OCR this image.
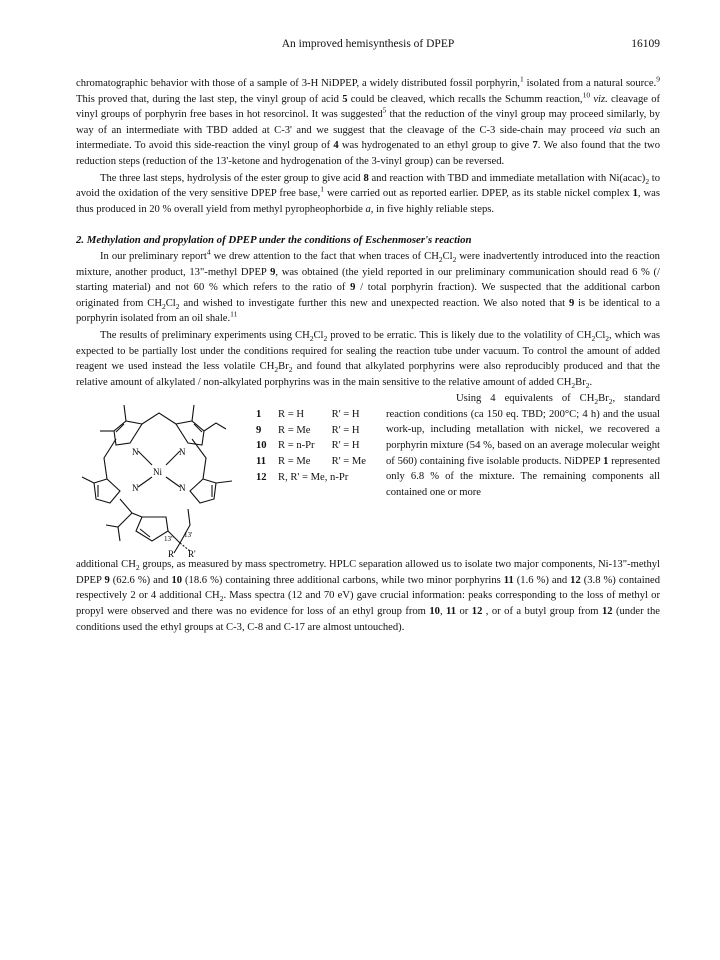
An improved hemisynthesis of DPEP	16109

chromatographic behavior with those of a sample of 3-H NiDPEP, a widely distributed fossil porphyrin,$^1$ isolated from a natural source.$^9$ This proved that, during the last step, the vinyl group of acid 5 could be cleaved, which recalls the Schumm reaction,$^{10}$ viz. cleavage of vinyl groups of porphyrin free bases in hot resorcinol. It was suggested$^5$ that the reduction of the vinyl group may proceed similarly, by way of an intermediate with TBD added at C-3' and we suggest that the cleavage of the C-3 side-chain may proceed via such an intermediate. To avoid this side-reaction the vinyl group of 4 was hydrogenated to an ethyl group to give 7. We also found that the two reduction steps (reduction of the 13'-ketone and hydrogenation of the 3-vinyl group) can be reversed.

The three last steps, hydrolysis of the ester group to give acid 8 and reaction with TBD and immediate metallation with $Ni(acac)_2$ to avoid the oxidation of the very sensitive DPEP free base,$^1$ were carried out as reported earlier. DPEP, as its stable nickel complex 1, was thus produced in 20 % overall yield from methyl pyropheophorbide a, in five highly reliable steps.

2. Methylation and propylation of DPEP under the conditions of Eschenmoser's reaction

In our preliminary report$^4$ we drew attention to the fact that when traces of $CH_2Cl_2$ were inadvertently introduced into the reaction mixture, another product, 13"-methyl DPEP 9, was obtained (the yield reported in our preliminary communication should read 6 % (/ starting material) and not 60 % which refers to the ratio of 9 / total porphyrin fraction). We suspected that the additional carbon originated from $CH_2Cl_2$ and wished to investigate further this new and unexpected reaction. We also noted that 9 is be identical to a porphyrin isolated from an oil shale.$^{11}$

The results of preliminary experiments using $CH_2Cl_2$ proved to be erratic. This is likely due to the volatility of $CH_2Cl_2$, which was expected to be partially lost under the conditions required for sealing the reaction tube under vacuum. To control the amount of added reagent we used instead the less volatile $CH_2Br_2$ and found that alkylated porphyrins were also reproducibly produced and that the relative amount of alkylated / non-alkylated porphyrins was in the main sensitive to the relative amount of added $CH_2Br_2$.

N	N
N	N
Ni
13" 13'
R R'
1	R = H	R' = H
9	R = Me	R' = H
10	R = n-Pr	R' = H
11	R = Me	R' = Me
12	R, R' = Me, n-Pr	

Using 4 equivalents of $CH_2Br_2$, standard reaction conditions (ca 150 eq. TBD; 200°C; 4 h) and the usual work-up, including metallation with nickel, we recovered a porphyrin mixture (54 %, based on an average molecular weight of 560) containing five isolable products. NiDPEP 1 represented only 6.8 % of the mixture. The remaining components all contained one or more

additional $CH_2$ groups, as measured by mass spectrometry. HPLC separation allowed us to isolate two major components, Ni-13"-methyl DPEP 9 (62.6 %) and 10 (18.6 %) containing three additional carbons, while two minor porphyrins 11 (1.6 %) and 12 (3.8 %) contained respectively 2 or 4 additional $CH_2$. Mass spectra (12 and 70 eV) gave crucial information: peaks corresponding to the loss of methyl or propyl were observed and there was no evidence for loss of an ethyl group from 10, 11 or 12 , or of a butyl group from 12 (under the conditions used the ethyl groups at C-3, C-8 and C-17 are almost untouched).
